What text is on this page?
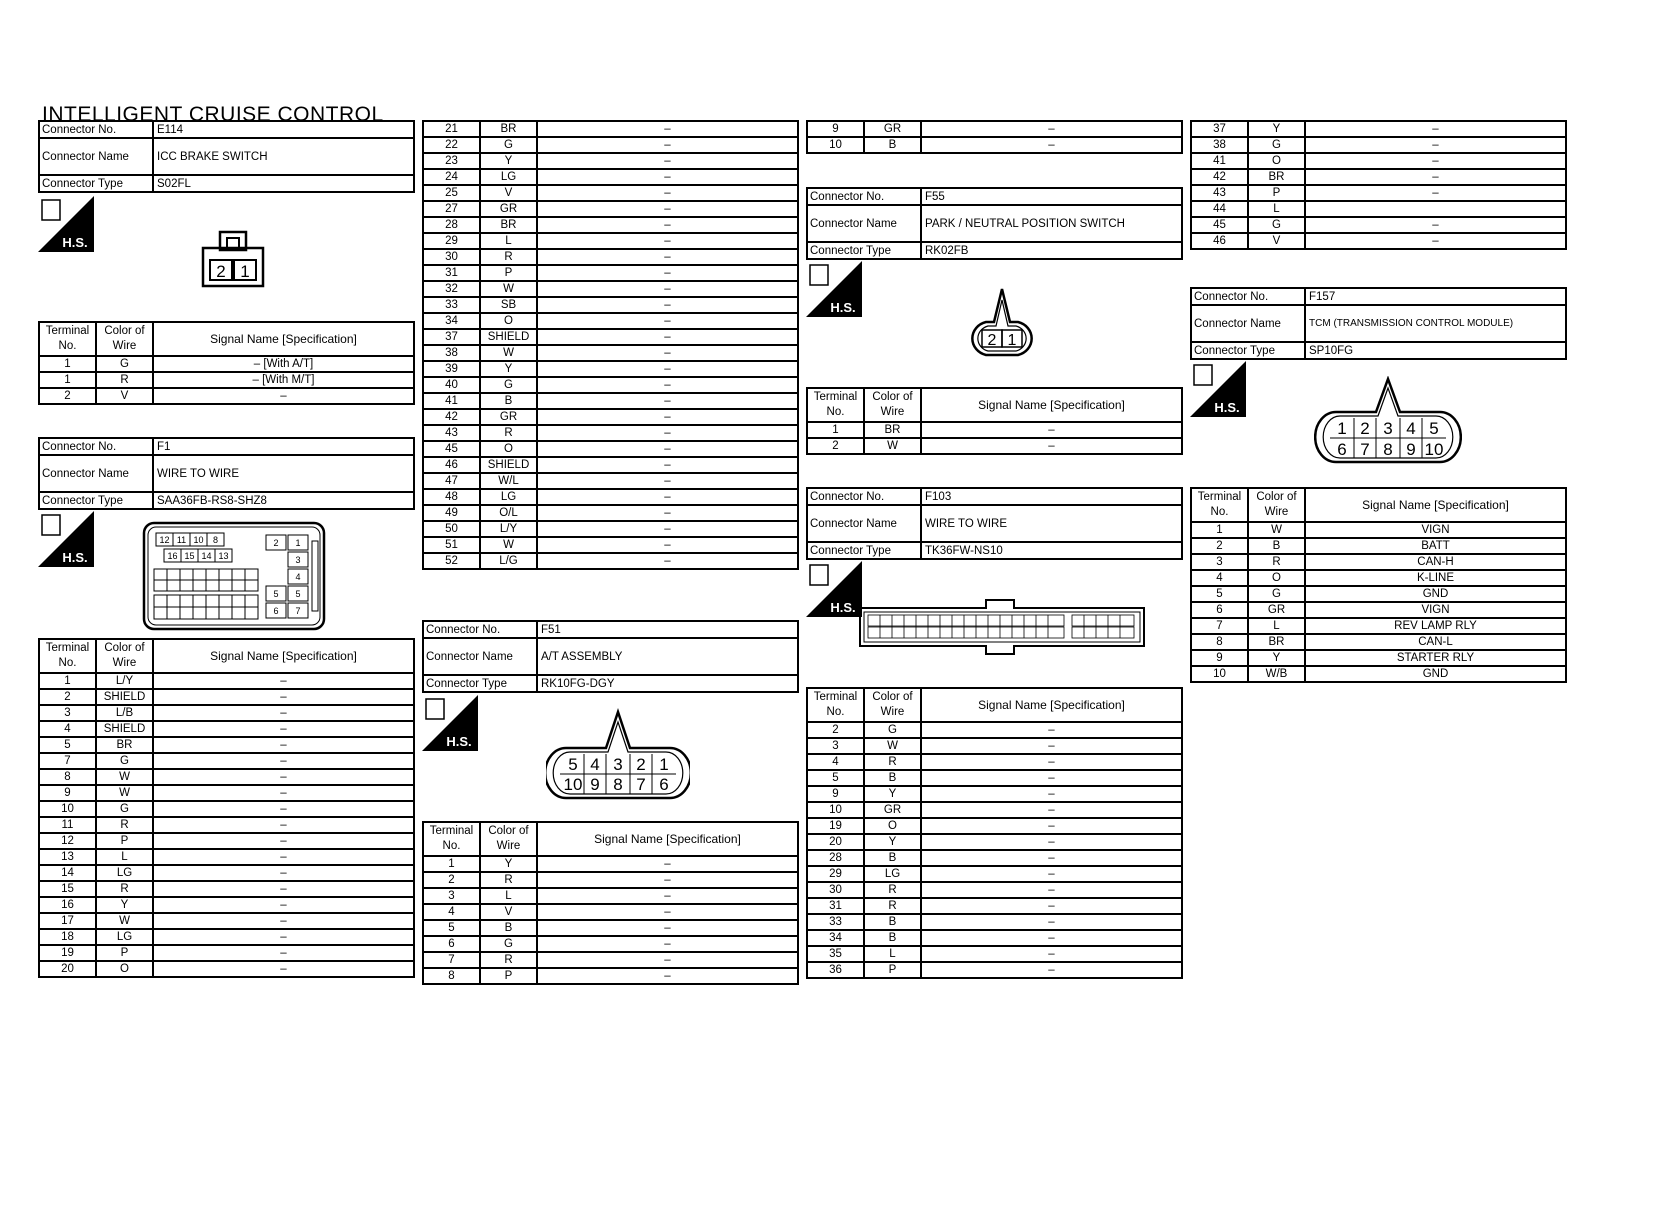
INTELLIGENT CRUISE CONTROL
Connector No.	E114
Connector Name	ICC BRAKE SWITCH
Connector Type	S02FL
H.S.
2 1
Terminal No.	Color of Wire	Signal Name [Specification]
1	G	– [With A/T]
1	R	– [With M/T]
2	V	–
Connector No.	F1
Connector Name	WIRE TO WIRE
Connector Type	SAA36FB-RS8-SHZ8
H.S.
12 11 10 8
16 15 14 13
2 1
3
4
5 5
6 7
Terminal No.	Color of Wire	Signal Name [Specification]
1	L/Y	–
2	SHIELD	–
3	L/B	–
4	SHIELD	–
5	BR	–
7	G	–
8	W	–
9	W	–
10	G	–
11	R	–
12	P	–
13	L	–
14	LG	–
15	R	–
16	Y	–
17	W	–
18	LG	–
19	P	–
20	O	–
21	BR	–
22	G	–
23	Y	–
24	LG	–
25	V	–
27	GR	–
28	BR	–
29	L	–
30	R	–
31	P	–
32	W	–
33	SB	–
34	O	–
37	SHIELD	–
38	W	–
39	Y	–
40	G	–
41	B	–
42	GR	–
43	R	–
45	O	–
46	SHIELD	–
47	W/L	–
48	LG	–
49	O/L	–
50	L/Y	–
51	W	–
52	L/G	–
Connector No.	F51
Connector Name	A/T ASSEMBLY
Connector Type	RK10FG-DGY
H.S.
5 4 3 2 1
10 9 8 7 6
Terminal No.	Color of Wire	Signal Name [Specification]
1	Y	–
2	R	–
3	L	–
4	V	–
5	B	–
6	G	–
7	R	–
8	P	–
9	GR	–
10	B	–
Connector No.	F55
Connector Name	PARK / NEUTRAL POSITION SWITCH
Connector Type	RK02FB
H.S.
2 1
Terminal No.	Color of Wire	Signal Name [Specification]
1	BR	–
2	W	–
Connector No.	F103
Connector Name	WIRE TO WIRE
Connector Type	TK36FW-NS10
H.S.
Terminal No.	Color of Wire	Signal Name [Specification]
2	G	–
3	W	–
4	R	–
5	B	–
9	Y	–
10	GR	–
19	O	–
20	Y	–
28	B	–
29	LG	–
30	R	–
31	R	–
33	B	–
34	B	–
35	L	–
36	P	–
37	Y	–
38	G	–
41	O	–
42	BR	–
43	P	–
44	L	
45	G	–
46	V	–
Connector No.	F157
Connector Name	TCM (TRANSMISSION CONTROL MODULE)
Connector Type	SP10FG
H.S.
1 2 3 4 5
6 7 8 9 10
Terminal No.	Color of Wire	Signal Name [Specification]
1	W	VIGN
2	B	BATT
3	R	CAN-H
4	O	K-LINE
5	G	GND
6	GR	VIGN
7	L	REV LAMP RLY
8	BR	CAN-L
9	Y	STARTER RLY
10	W/B	GND
